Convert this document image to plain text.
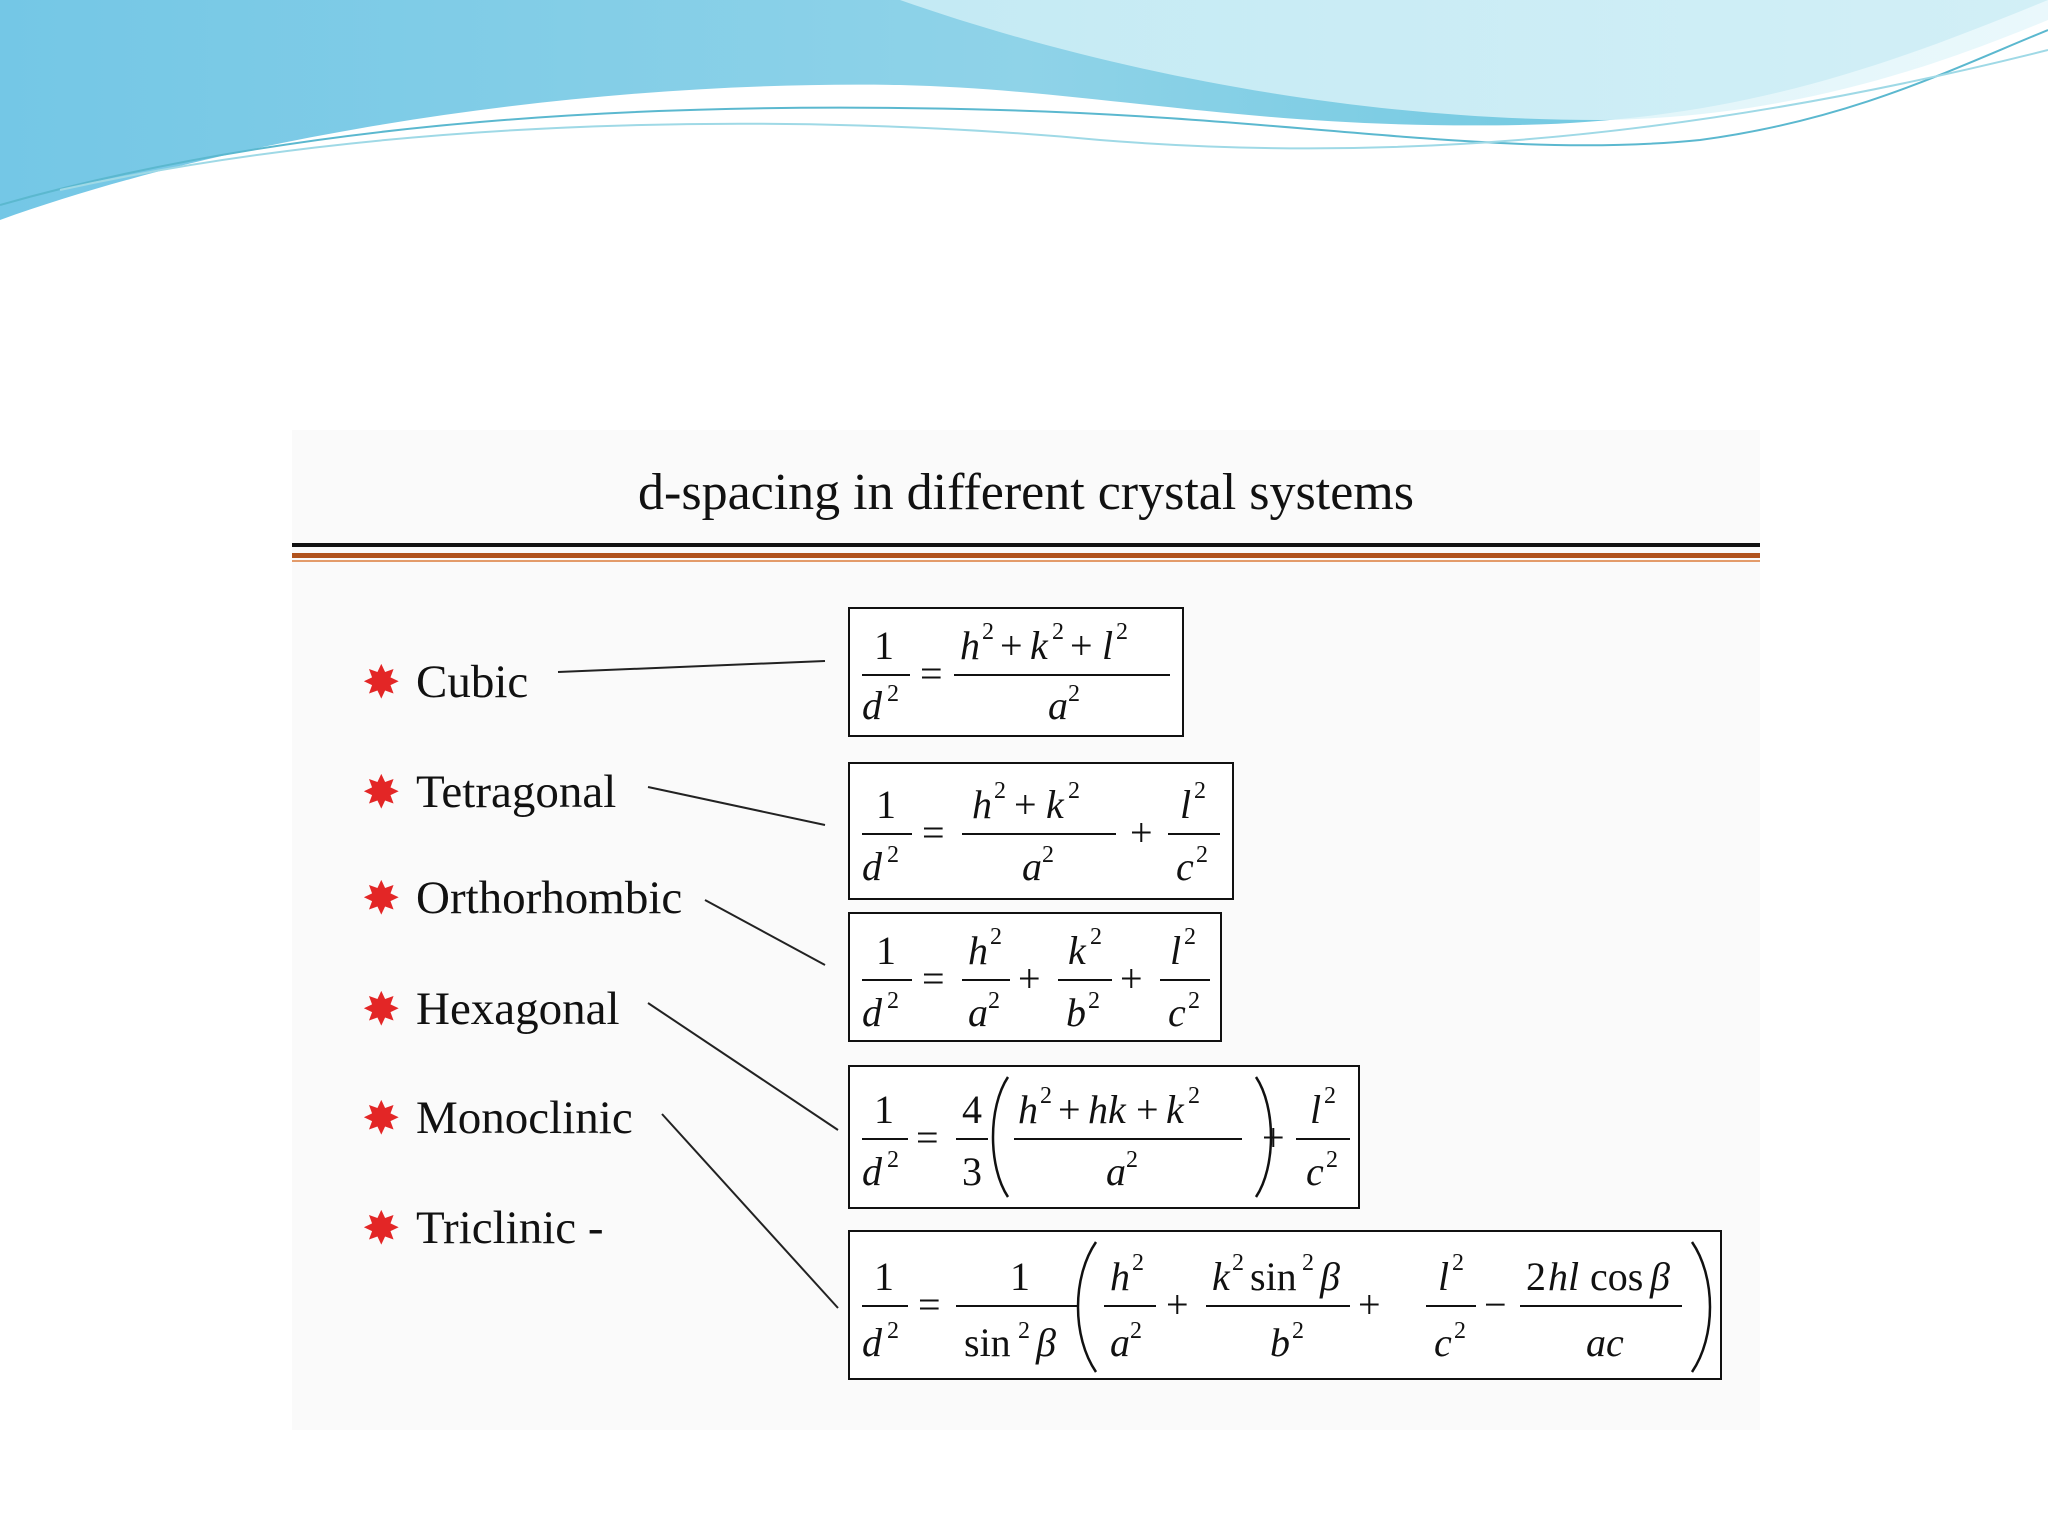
d-spacing in different crystal systems
✸ Cubic
✸ Tetragonal
✸ Orthorhombic
✸ Hexagonal
✸ Monoclinic
✸ Triclinic -
1
d 2 =
h 2 + k 2 + l 2
a 2
1
d 2 =
h 2 + k 2
a 2 +
l 2
c 2
1
d 2 =
h 2
a 2 +
k 2
b 2 +
l 2
c 2
1
d 2 =
4
3
h 2 + hk + k 2
a 2	+
l 2
c 2
1
d 2
=
1
sin 2 β
h 2
a 2
+
k 2 sin 2 β
b 2
+
l 2
c 2
−
2 hl cos β
ac
